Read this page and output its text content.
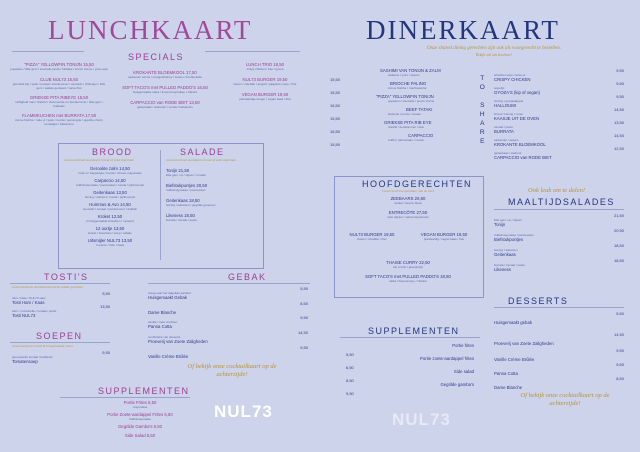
LUNCHKAART
SPECIALS
"PIZZA" YELLOWFIN TONIJN 15,50
popadum / little gem / avocado-pinda / furikake / ponzu crème / yuzu-soja
CLUB NUL73 15,50
gerookte kip / spek / tomaat / komkommer / avocado / chilimayo / little gem / salade gemixed / verse friet
GRIEKSE PITA RIBEYE 15,50
stoffgheid mas / tzatziki / vlammende ui / komkommer / little gem / fetakaas
FLAMMKUCHEN met BURRATA 17,50
crème fraîche / rode ui / spek / rucola / gemengde / gepofte cherry tomaatjes / balsamico
KROKANTE BLOEMKOOL 17,50
vadouvan crème / mangochutney / sesam / knoflookolie
SOFT TACO'S met PULLED PADDO'S 16,50
huisgemaakte salsa / limoenmayonaise / cilantro
CARPACCIO van RODE BIET 13,50
geitenkaas / walnoten / rucola / balsamico
LUNCH TRIO 18,50
crispy chicken / bao / gyoza
NUL73 BURGER 19,50
bacon / cheddar / augurk / jalapeño mayo / friet
VEGAN BURGER 19,50
plantaardige burger / vegan kaas / friet
BROOD
Geserveerd met zuurdesem brood of witte boterham
Gerookte zalm 14,50
rode ui / kappertjes / rucola / citroen-mayonaise
Carpaccio 14,50
truffelmayonaise / parmezaan / rucola / pijnboompit
Geitenkaas 13,50
honing / walnoot / rucola / pijnboompit
Hummus & Avo 14,50
avocado / tomaat / komkommer / dukkah
Kroket 12,50
2 huisgemaakte kroketten / mosterd
12 uurtje 13,50
kroket / boterham / soep / salade
Uitsmijter NUL73 13,50
3 eieren / ham / kaas
SALADE
Geserveerd met zuurdesem brood of witte boterham
Tonijn 21,50
little gem / ei / olijven / tomaat
Biefstukpuntjes 20,50
truffelmayonaise / parmezaan
Geitenkaas 18,50
honing / walnoten / gegrilde groenten
Likeness 18,50
burrata / tomaat / pesto
TOSTI'S
Geserveerd met zuurdesembrood & salade garnituur
Tosti Ham / Kaas
9,50
ham / kaas / NUL73 saus
Tosti NUL73
13,50
ham / mozzarella / tomaat / pesto
SOEPEN
Geserveerd met brood & huisgemaakte boter
Tomatensoep
9,50
geroosterde tomaat / basilicum
GEBAK
Huisgemaakt Gebak
5,50
vraag naar het dagelijks aanbod
Dame Blanche
8,50
Panna Cotta
9,50
vanille / rode vruchten
Proeverij van Zoete Zaligheden
14,50
combinatie van desserts
Vanille Crème Brûlée
9,50
Of bekijk onze cocktailkaart op de achterzijde!
SUPPLEMENTEN
Portie Frites 5,50
mayonaise
Portie Zoete-aardappel Frites 6,50
truffelmayonaise
Gegrilde Gamba's 9,50
Side Salad 8,50
NUL73
DINERKAART
Onze shared dining gerechten zijn ook als voorgerecht te bestellen.
Bekijk ook ons brochure!
15,50
SASHIMI VAN TONIJN & ZALM
wakame / yuzu / sesam
15,50
BRIOCHE PALING
crème fraîche / mierikswortel
16,50
"PIZZA" YELLOWFIN TONIJN
popadum / avocado / ponzu crème
15,50
BEEF TATAKI
bieslook / ponzu / sesam
16,50
GRIEKSE PITA RIB EYE
tzatziki / komkommer / feta
15,50
CARPACCIO
truffel / parmezaan / rucola
T
O

S
H
A
R
E
CRISPY CHICKEN
9,50
sriracha mayo / lente-ui
GYOZA'S (kip of vegan)
9,50
soja dip
HALLOUMI
9,50
honing / granaatappel
KAASJE UIT DE OVEN
14,50
brood / honing / noten
BURRATA
13,50
tomaat / pesto
KROKANTE BLOEMKOOL
14,50
vadouvan / sesam
CARPACCIO van RODE BIET
12,50
geitenkaas / walnoot
HOOFDGERECHTEN
Geserveerd met garnituur van de chef
ZEEBAARS 26,50
venkel / beurre blanc
ENTRECÔTE 27,50
rode wijnjus / seizoensgroenten
NUL73 BURGER 19,50
bacon / cheddar / friet
VEGAN BURGER 19,50
plantaardig / vegan kaas / friet
THAISE CURRY 22,50
kip of tofu / jasmijnrijst
SOFT TACO'S met PULLED PADDO'S 18,50
salsa / limoenmayo / cilantro
Ook leuk om te delen!
MAALTIJDSALADES
Tonijn
21,50
little gem / ei / olijven
Biefstukpuntjes
20,50
truffelmayonaise / parmezaan
Geitenkaas
18,50
honing / walnoten
Likeness
18,50
burrata / tomaat / pesto
DESSERTS
Huisgemaakt gebak
5,50
Proeverij van Zoete Zaligheden
14,50
Vanille Crème Brûlée
9,50
Panna Cotta
9,50
Dame Blanche
8,50
Of bekijk onze cocktailkaart op de achterzijde!
SUPPLEMENTEN
5,50
Portie frites
6,50
Portie zoete-aardappel frites
8,50
Side salad
9,50
Gegrilde gamba's
NUL73
